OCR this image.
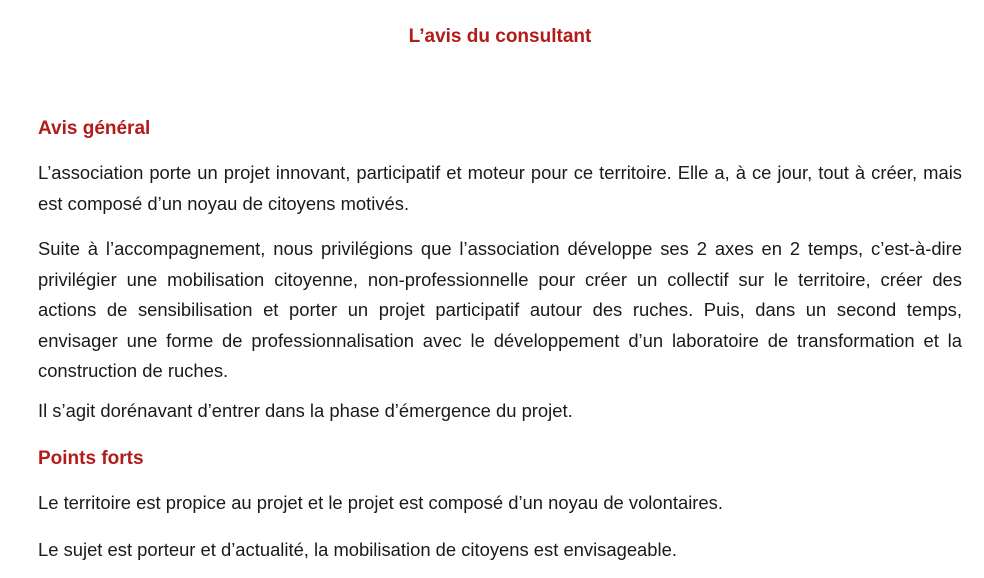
L’avis du consultant
Avis général

L’association porte un projet innovant, participatif et moteur pour ce territoire. Elle a, à ce jour, tout à créer, mais est composé d’un noyau de citoyens motivés.

Suite à l’accompagnement, nous privilégions que l’association développe ses 2 axes en 2 temps, c’est-à-dire privilégier une mobilisation citoyenne, non-professionnelle pour créer un collectif sur le territoire, créer des actions de sensibilisation et porter un projet participatif autour des ruches. Puis, dans un second temps, envisager une forme de professionnalisation avec le développement d’un laboratoire de transformation et la construction de ruches.

Il s’agit dorénavant d’entrer dans la phase d’émergence du projet.

Points forts

Le territoire est propice au projet et le projet est composé d’un noyau de volontaires.

Le sujet est porteur et d’actualité, la mobilisation de citoyens est envisageable.
